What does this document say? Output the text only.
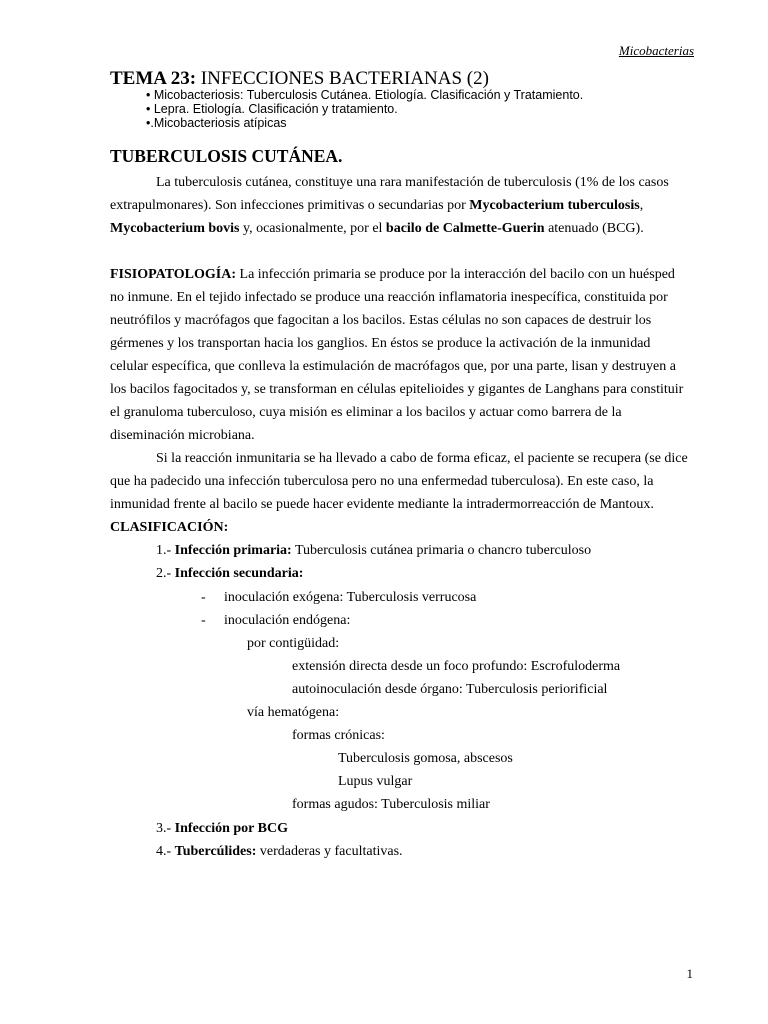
Micobacterias
TEMA 23: INFECCIONES BACTERIANAS (2)
• Micobacteriosis: Tuberculosis Cutánea. Etiología. Clasificación y Tratamiento.
• Lepra. Etiología. Clasificación y tratamiento.
•.Micobacteriosis atípicas
TUBERCULOSIS CUTÁNEA.
La tuberculosis cutánea, constituye una rara manifestación de tuberculosis (1% de los casos
extrapulmonares). Son infecciones primitivas o secundarias por Mycobacterium tuberculosis,
Mycobacterium bovis y, ocasionalmente, por el bacilo de Calmette-Guerin atenuado (BCG).
FISIOPATOLOGÍA: La infección primaria se produce por la interacción del bacilo con un huésped
no inmune. En el tejido infectado se produce una reacción inflamatoria inespecífica, constituida por
neutrófilos y macrófagos que fagocitan a los bacilos. Estas células no son capaces de destruir los
gérmenes y los transportan hacia los ganglios. En éstos se produce la activación de la inmunidad
celular específica, que conlleva la estimulación de macrófagos que, por una parte, lisan y destruyen a
los bacilos fagocitados y, se transforman en células epitelioides y gigantes de Langhans para constituir
el granuloma tuberculoso, cuya misión es eliminar a los bacilos y actuar como barrera de la
diseminación microbiana.
Si la reacción inmunitaria se ha llevado a cabo de forma eficaz, el paciente se recupera (se dice
que ha padecido una infección tuberculosa pero no una enfermedad tuberculosa). En este caso, la
inmunidad frente al bacilo se puede hacer evidente mediante la intradermorreacción de Mantoux.
CLASIFICACIÓN:
1.- Infección primaria: Tuberculosis cutánea primaria o chancro tuberculoso
2.- Infección secundaria:
- inoculación exógena: Tuberculosis verrucosa
- inoculación endógena:
por contigüidad:
extensión directa desde un foco profundo: Escrofuloderma
autoinoculación desde órgano: Tuberculosis periorificial
vía hematógena:
formas crónicas:
Tuberculosis gomosa, abscesos
Lupus vulgar
formas agudos: Tuberculosis miliar
3.- Infección por BCG
4.- Tubercúlides: verdaderas y facultativas.
1
